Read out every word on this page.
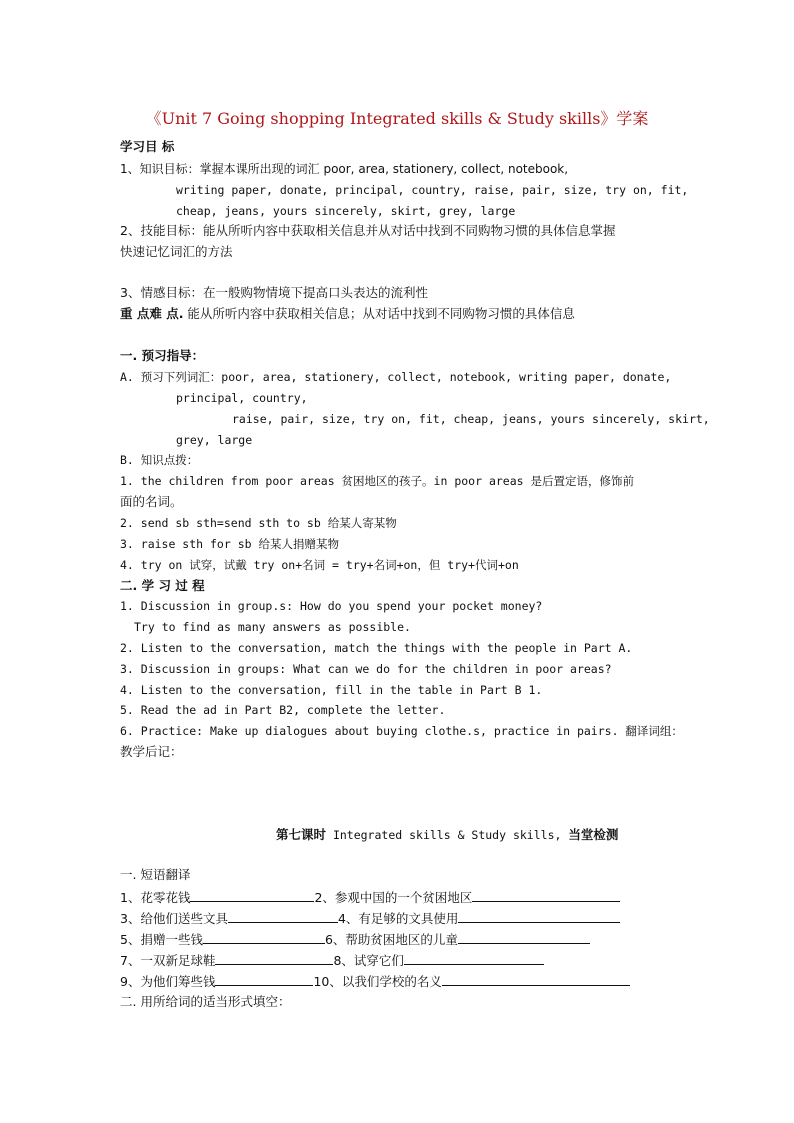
《Unit 7 Going shopping Integrated skills & Study skills》学案
学习目 标
1、知识目标：掌握本课所出现的词汇 poor, area, stationery, collect, notebook,
writing paper, donate, principal, country, raise, pair, size, try on, fit,
cheap, jeans, yours sincerely, skirt, grey, large
2、技能目标：能从所听内容中获取相关信息并从对话中找到不同购物习惯的具体信息掌握
快速记忆词汇的方法
3、情感目标：在一般购物情境下提高口头表达的流利性
重 点难 点. 能从所听内容中获取相关信息；从对话中找到不同购物习惯的具体信息
一. 预习指导：
A. 预习下列词汇：poor, area, stationery, collect, notebook, writing paper, donate,
principal, country,
raise, pair, size, try on, fit, cheap, jeans, yours sincerely, skirt,
grey, large
B. 知识点拨：
1. the children from poor areas 贫困地区的孩子。in poor areas 是后置定语，修饰前
面的名词。
2. send sb sth=send sth to sb 给某人寄某物
3. raise sth for sb 给某人捐赠某物
4. try on 试穿，试戴 try on+名词 = try+名词+on，但 try+代词+on
二. 学 习 过 程
1. Discussion in group.s: How do you spend your pocket money?
Try to find as many answers as possible.
2. Listen to the conversation, match the things with the people in Part A.
3. Discussion in groups: What can we do for the children in poor areas?
4. Listen to the conversation, fill in the table in Part B 1.
5. Read the ad in Part B2, complete the letter.
6. Practice: Make up dialogues about buying clothe.s, practice in pairs. 翻译词组：
教学后记：
第七课时 Integrated skills & Study skills, 当堂检测
一. 短语翻译
1、花零花钱	2、参观中国的一个贫困地区
3、给他们送些文具	4、有足够的文具使用
5、捐赠一些钱	6、帮助贫困地区的儿童
7、一双新足球鞋	8、试穿它们
9、为他们筹些钱	10、以我们学校的名义
二. 用所给词的适当形式填空：
